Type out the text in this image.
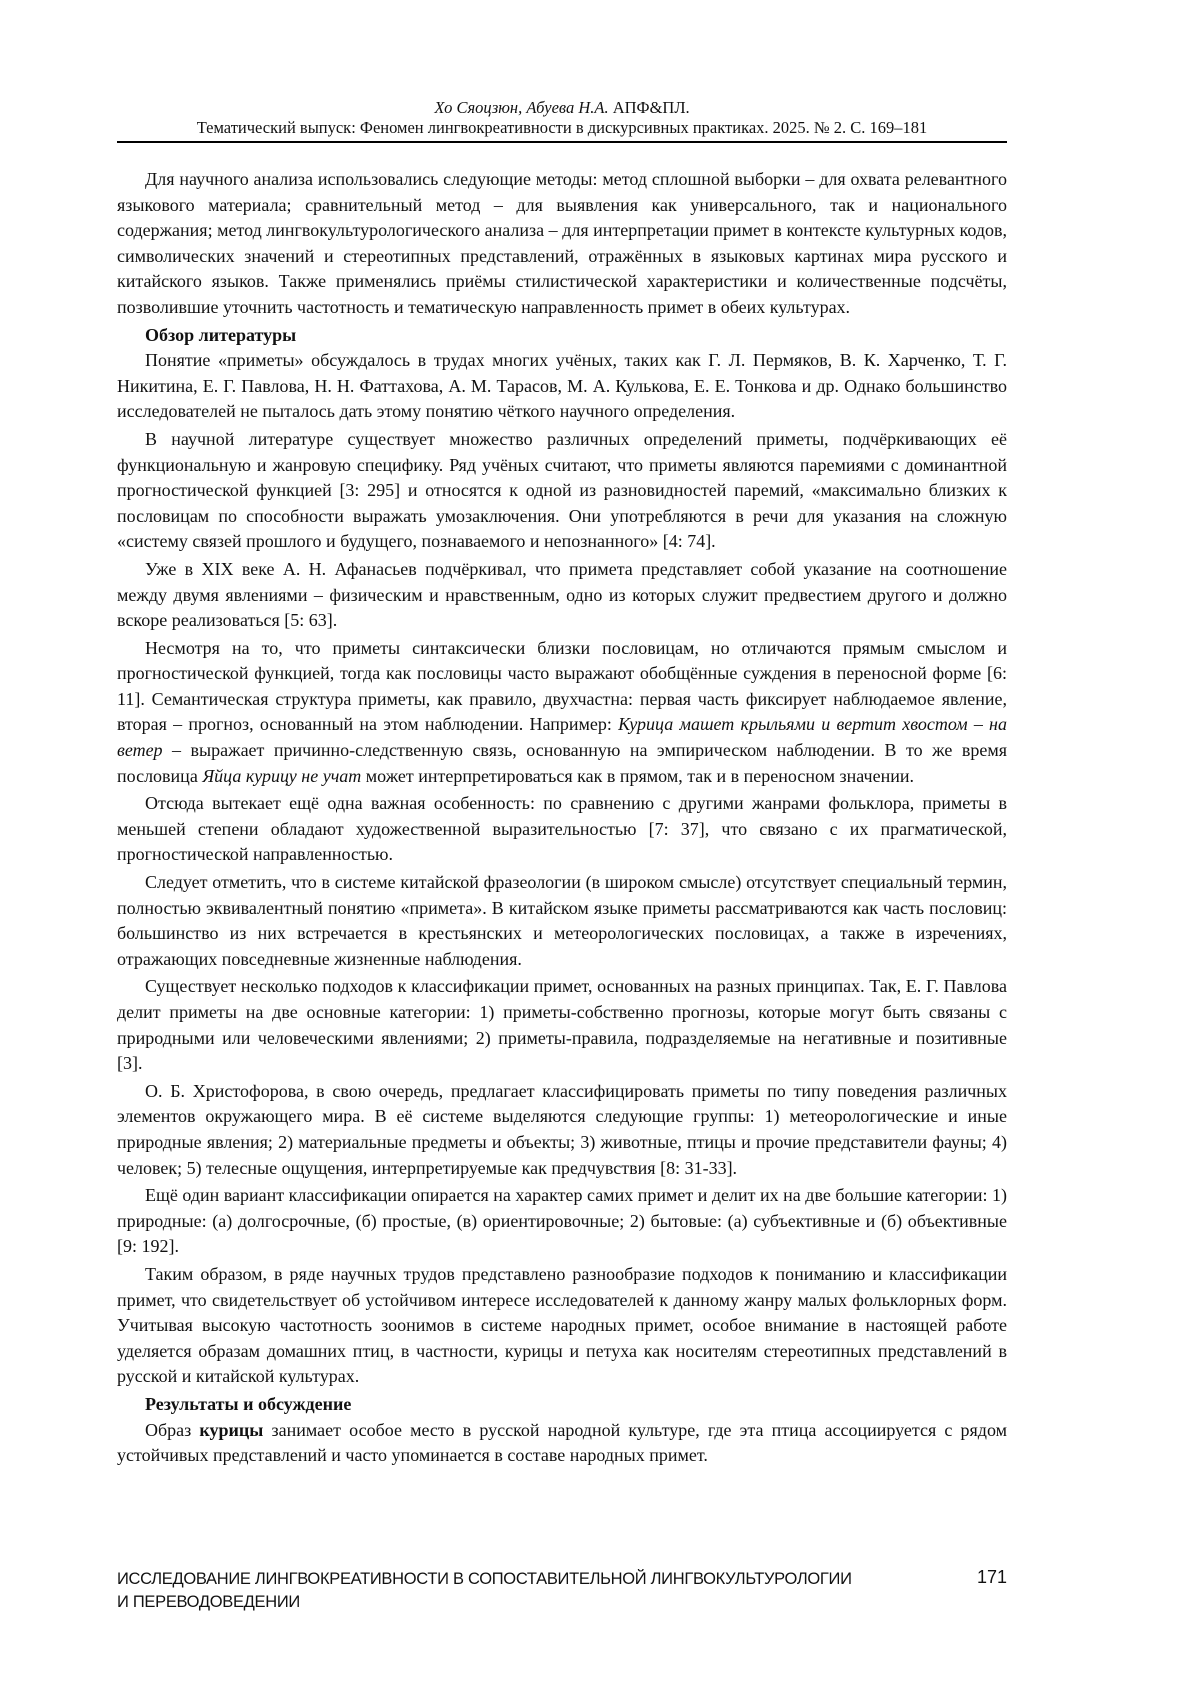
Хо Сяоцзюн, Абуева Н.А. АПФ&ПЛ.
Тематический выпуск: Феномен лингвокреативности в дискурсивных практиках. 2025. № 2. С. 169–181

Для научного анализа использовались следующие методы: метод сплошной выборки – для охвата релевантного языкового материала; сравнительный метод – для выявления как универсального, так и национального содержания; метод лингвокультурологического анализа – для интерпретации примет в контексте культурных кодов, символических значений и стереотипных представлений, отражённых в языковых картинах мира русского и китайского языков. Также применялись приёмы стилистической характеристики и количественные подсчёты, позволившие уточнить частотность и тематическую направленность примет в обеих культурах.

Обзор литературы

Понятие «приметы» обсуждалось в трудах многих учёных, таких как Г. Л. Пермяков, В. К. Харченко, Т. Г. Никитина, Е. Г. Павлова, Н. Н. Фаттахова, А. М. Тарасов, М. А. Кулькова, Е. Е. Тонкова и др. Однако большинство исследователей не пыталось дать этому понятию чёткого научного определения.

В научной литературе существует множество различных определений приметы, подчёркивающих её функциональную и жанровую специфику. Ряд учёных считают, что приметы являются паремиями с доминантной прогностической функцией [3: 295] и относятся к одной из разновидностей паремий, «максимально близких к пословицам по способности выражать умозаключения. Они употребляются в речи для указания на сложную «систему связей прошлого и будущего, познаваемого и непознанного» [4: 74].

Уже в XIX веке А. Н. Афанасьев подчёркивал, что примета представляет собой указание на соотношение между двумя явлениями – физическим и нравственным, одно из которых служит предвестием другого и должно вскоре реализоваться [5: 63].

Несмотря на то, что приметы синтаксически близки пословицам, но отличаются прямым смыслом и прогностической функцией, тогда как пословицы часто выражают обобщённые суждения в переносной форме [6: 11]. Семантическая структура приметы, как правило, двухчастна: первая часть фиксирует наблюдаемое явление, вторая – прогноз, основанный на этом наблюдении. Например: Курица машет крыльями и вертит хвостом – на ветер – выражает причинно-следственную связь, основанную на эмпирическом наблюдении. В то же время пословица Яйца курицу не учат может интерпретироваться как в прямом, так и в переносном значении.

Отсюда вытекает ещё одна важная особенность: по сравнению с другими жанрами фольклора, приметы в меньшей степени обладают художественной выразительностью [7: 37], что связано с их прагматической, прогностической направленностью.

Следует отметить, что в системе китайской фразеологии (в широком смысле) отсутствует специальный термин, полностью эквивалентный понятию «примета». В китайском языке приметы рассматриваются как часть пословиц: большинство из них встречается в крестьянских и метеорологических пословицах, а также в изречениях, отражающих повседневные жизненные наблюдения.

Существует несколько подходов к классификации примет, основанных на разных принципах. Так, Е. Г. Павлова делит приметы на две основные категории: 1) приметы-собственно прогнозы, которые могут быть связаны с природными или человеческими явлениями; 2) приметы-правила, подразделяемые на негативные и позитивные [3].

О. Б. Христофорова, в свою очередь, предлагает классифицировать приметы по типу поведения различных элементов окружающего мира. В её системе выделяются следующие группы: 1) метеорологические и иные природные явления; 2) материальные предметы и объекты; 3) животные, птицы и прочие представители фауны; 4) человек; 5) телесные ощущения, интерпретируемые как предчувствия [8: 31-33].

Ещё один вариант классификации опирается на характер самих примет и делит их на две большие категории: 1) природные: (а) долгосрочные, (б) простые, (в) ориентировочные; 2) бытовые: (а) субъективные и (б) объективные [9: 192].

Таким образом, в ряде научных трудов представлено разнообразие подходов к пониманию и классификации примет, что свидетельствует об устойчивом интересе исследователей к данному жанру малых фольклорных форм. Учитывая высокую частотность зоонимов в системе народных примет, особое внимание в настоящей работе уделяется образам домашних птиц, в частности, курицы и петуха как носителям стереотипных представлений в русской и китайской культурах.

Результаты и обсуждение

Образ курицы занимает особое место в русской народной культуре, где эта птица ассоциируется с рядом устойчивых представлений и часто упоминается в составе народных примет.

ИССЛЕДОВАНИЕ ЛИНГВОКРЕАТИВНОСТИ В СОПОСТАВИТЕЛЬНОЙ ЛИНГВОКУЛЬТУРОЛОГИИ
И ПЕРЕВОДОВЕДЕНИИ
171
